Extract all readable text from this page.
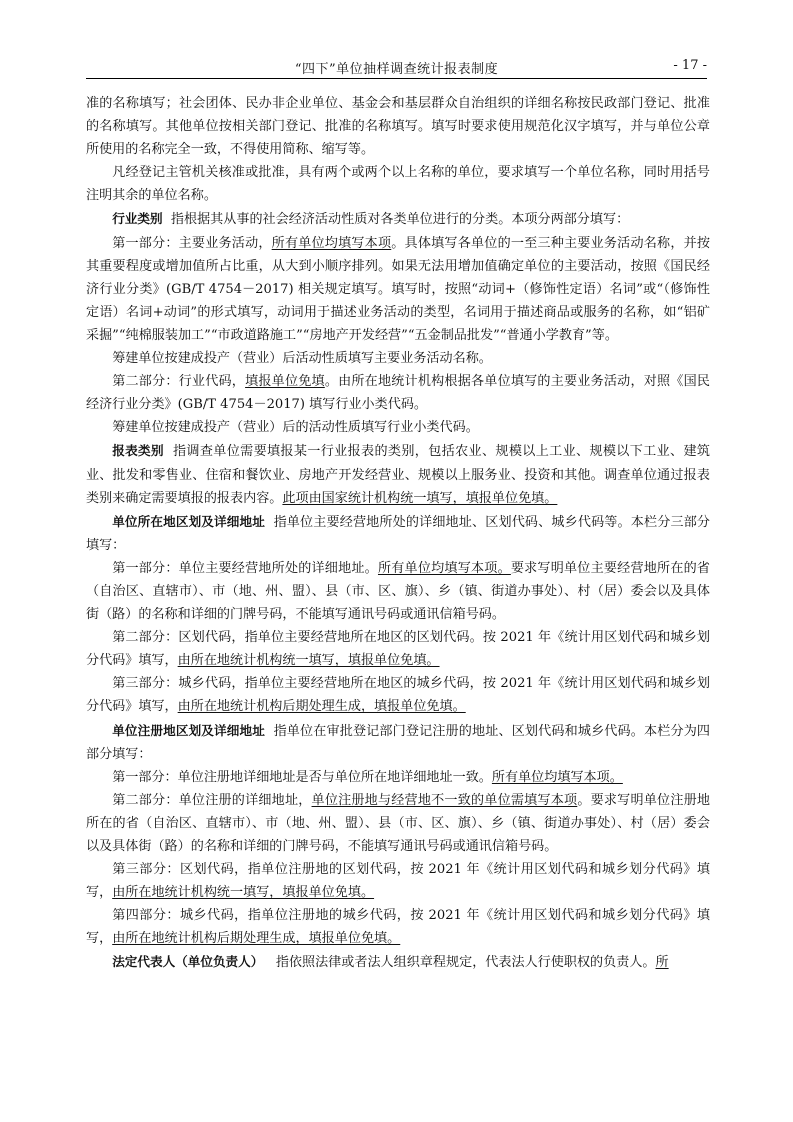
“四下”单位抽样调查统计报表制度	- 17 -

准的名称填写；社会团体、民办非企业单位、基金会和基层群众自治组织的详细名称按民政部门登记、批准的名称填写。其他单位按相关部门登记、批准的名称填写。填写时要求使用规范化汉字填写，并与单位公章所使用的名称完全一致，不得使用简称、缩写等。

凡经登记主管机关核准或批准，具有两个或两个以上名称的单位，要求填写一个单位名称，同时用括号注明其余的单位名称。

行业类别 指根据其从事的社会经济活动性质对各类单位进行的分类。本项分两部分填写：

第一部分：主要业务活动，所有单位均填写本项。具体填写各单位的一至三种主要业务活动名称，并按其重要程度或增加值所占比重，从大到小顺序排列。如果无法用增加值确定单位的主要活动，按照《国民经济行业分类》(GB/T 4754－2017) 相关规定填写。填写时，按照“动词+（修饰性定语）名词”或“（修饰性定语）名词+动词”的形式填写，动词用于描述业务活动的类型，名词用于描述商品或服务的名称，如“铝矿采掘”“纯棉服装加工”“市政道路施工”“房地产开发经营”“五金制品批发”“普通小学教育”等。

筹建单位按建成投产（营业）后活动性质填写主要业务活动名称。

第二部分：行业代码，填报单位免填。由所在地统计机构根据各单位填写的主要业务活动，对照《国民经济行业分类》(GB/T 4754－2017) 填写行业小类代码。

筹建单位按建成投产（营业）后的活动性质填写行业小类代码。

报表类别 指调查单位需要填报某一行业报表的类别，包括农业、规模以上工业、规模以下工业、建筑业、批发和零售业、住宿和餐饮业、房地产开发经营业、规模以上服务业、投资和其他。调查单位通过报表类别来确定需要填报的报表内容。此项由国家统计机构统一填写，填报单位免填。

单位所在地区划及详细地址 指单位主要经营地所处的详细地址、区划代码、城乡代码等。本栏分三部分填写：

第一部分：单位主要经营地所处的详细地址。所有单位均填写本项。要求写明单位主要经营地所在的省（自治区、直辖市）、市（地、州、盟）、县（市、区、旗）、乡（镇、街道办事处）、村（居）委会以及具体街（路）的名称和详细的门牌号码，不能填写通讯号码或通讯信箱号码。

第二部分：区划代码，指单位主要经营地所在地区的区划代码。按 2021 年《统计用区划代码和城乡划分代码》填写，由所在地统计机构统一填写，填报单位免填。

第三部分：城乡代码，指单位主要经营地所在地区的城乡代码，按 2021 年《统计用区划代码和城乡划分代码》填写，由所在地统计机构后期处理生成，填报单位免填。

单位注册地区划及详细地址 指单位在审批登记部门登记注册的地址、区划代码和城乡代码。本栏分为四部分填写：

第一部分：单位注册地详细地址是否与单位所在地详细地址一致。所有单位均填写本项。

第二部分：单位注册的详细地址，单位注册地与经营地不一致的单位需填写本项。要求写明单位注册地所在的省（自治区、直辖市）、市（地、州、盟）、县（市、区、旗）、乡（镇、街道办事处）、村（居）委会以及具体街（路）的名称和详细的门牌号码，不能填写通讯号码或通讯信箱号码。

第三部分：区划代码，指单位注册地的区划代码，按 2021 年《统计用区划代码和城乡划分代码》填写，由所在地统计机构统一填写，填报单位免填。

第四部分：城乡代码，指单位注册地的城乡代码，按 2021 年《统计用区划代码和城乡划分代码》填写，由所在地统计机构后期处理生成，填报单位免填。

法定代表人（单位负责人） 指依照法律或者法人组织章程规定，代表法人行使职权的负责人。所
